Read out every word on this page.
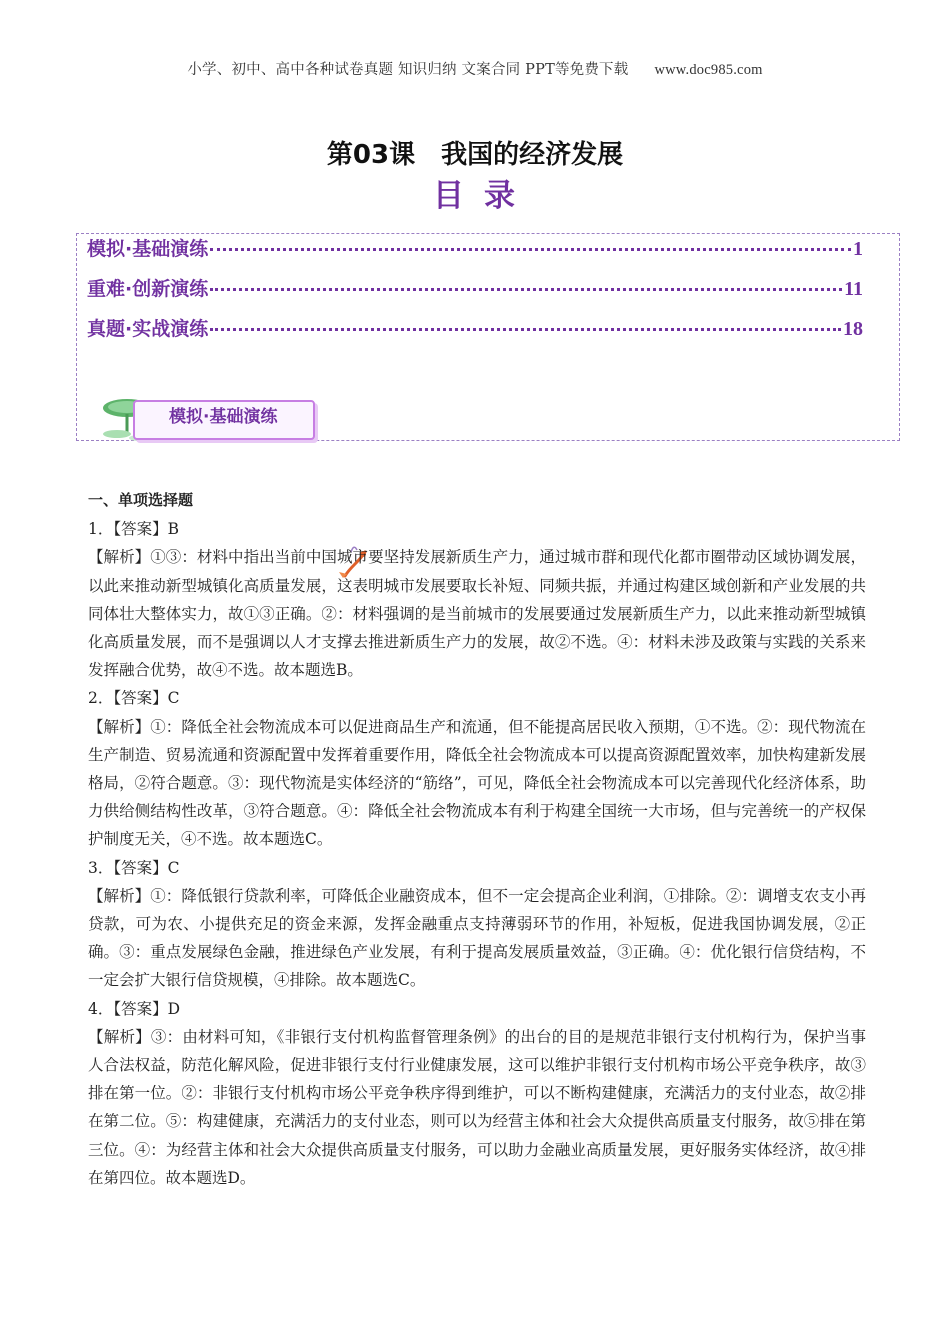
小学、初中、高中各种试卷真题 知识归纳 文案合同 PPT等免费下载 www.doc985.com
第03课 我国的经济发展
目录
模拟·基础演练	1
重难·创新演练	11
真题·实战演练	18
模拟·基础演练
一、单项选择题

1．【答案】B

【解析】①③：材料中指出当前中国城市要坚持发展新质生产力，通过城市群和现代化都市圈带动区域协调发展，以此来推动新型城镇化高质量发展，这表明城市发展要取长补短、同频共振，并通过构建区域创新和产业发展的共同体壮大整体实力，故①③正确。②：材料强调的是当前城市的发展要通过发展新质生产力，以此来推动新型城镇化高质量发展，而不是强调以人才支撑去推进新质生产力的发展，故②不选。④：材料未涉及政策与实践的关系来发挥融合优势，故④不选。故本题选B。

2．【答案】C

【解析】①：降低全社会物流成本可以促进商品生产和流通，但不能提高居民收入预期，①不选。②：现代物流在生产制造、贸易流通和资源配置中发挥着重要作用，降低全社会物流成本可以提高资源配置效率，加快构建新发展格局，②符合题意。③：现代物流是实体经济的“筋络”，可见，降低全社会物流成本可以完善现代化经济体系，助力供给侧结构性改革，③符合题意。④：降低全社会物流成本有利于构建全国统一大市场，但与完善统一的产权保护制度无关，④不选。故本题选C。

3．【答案】C

【解析】①：降低银行贷款利率，可降低企业融资成本，但不一定会提高企业利润，①排除。②：调增支农支小再贷款，可为农、小提供充足的资金来源，发挥金融重点支持薄弱环节的作用，补短板，促进我国协调发展，②正确。③：重点发展绿色金融，推进绿色产业发展，有利于提高发展质量效益，③正确。④：优化银行信贷结构，不一定会扩大银行信贷规模，④排除。故本题选C。

4．【答案】D

【解析】③：由材料可知，《非银行支付机构监督管理条例》的出台的目的是规范非银行支付机构行为，保护当事人合法权益，防范化解风险，促进非银行支付行业健康发展，这可以维护非银行支付机构市场公平竞争秩序，故③排在第一位。②：非银行支付机构市场公平竞争秩序得到维护，可以不断构建健康，充满活力的支付业态，故②排在第二位。⑤：构建健康，充满活力的支付业态，则可以为经营主体和社会大众提供高质量支付服务，故⑤排在第三位。④：为经营主体和社会大众提供高质量支付服务，可以助力金融业高质量发展，更好服务实体经济，故④排在第四位。故本题选D。
